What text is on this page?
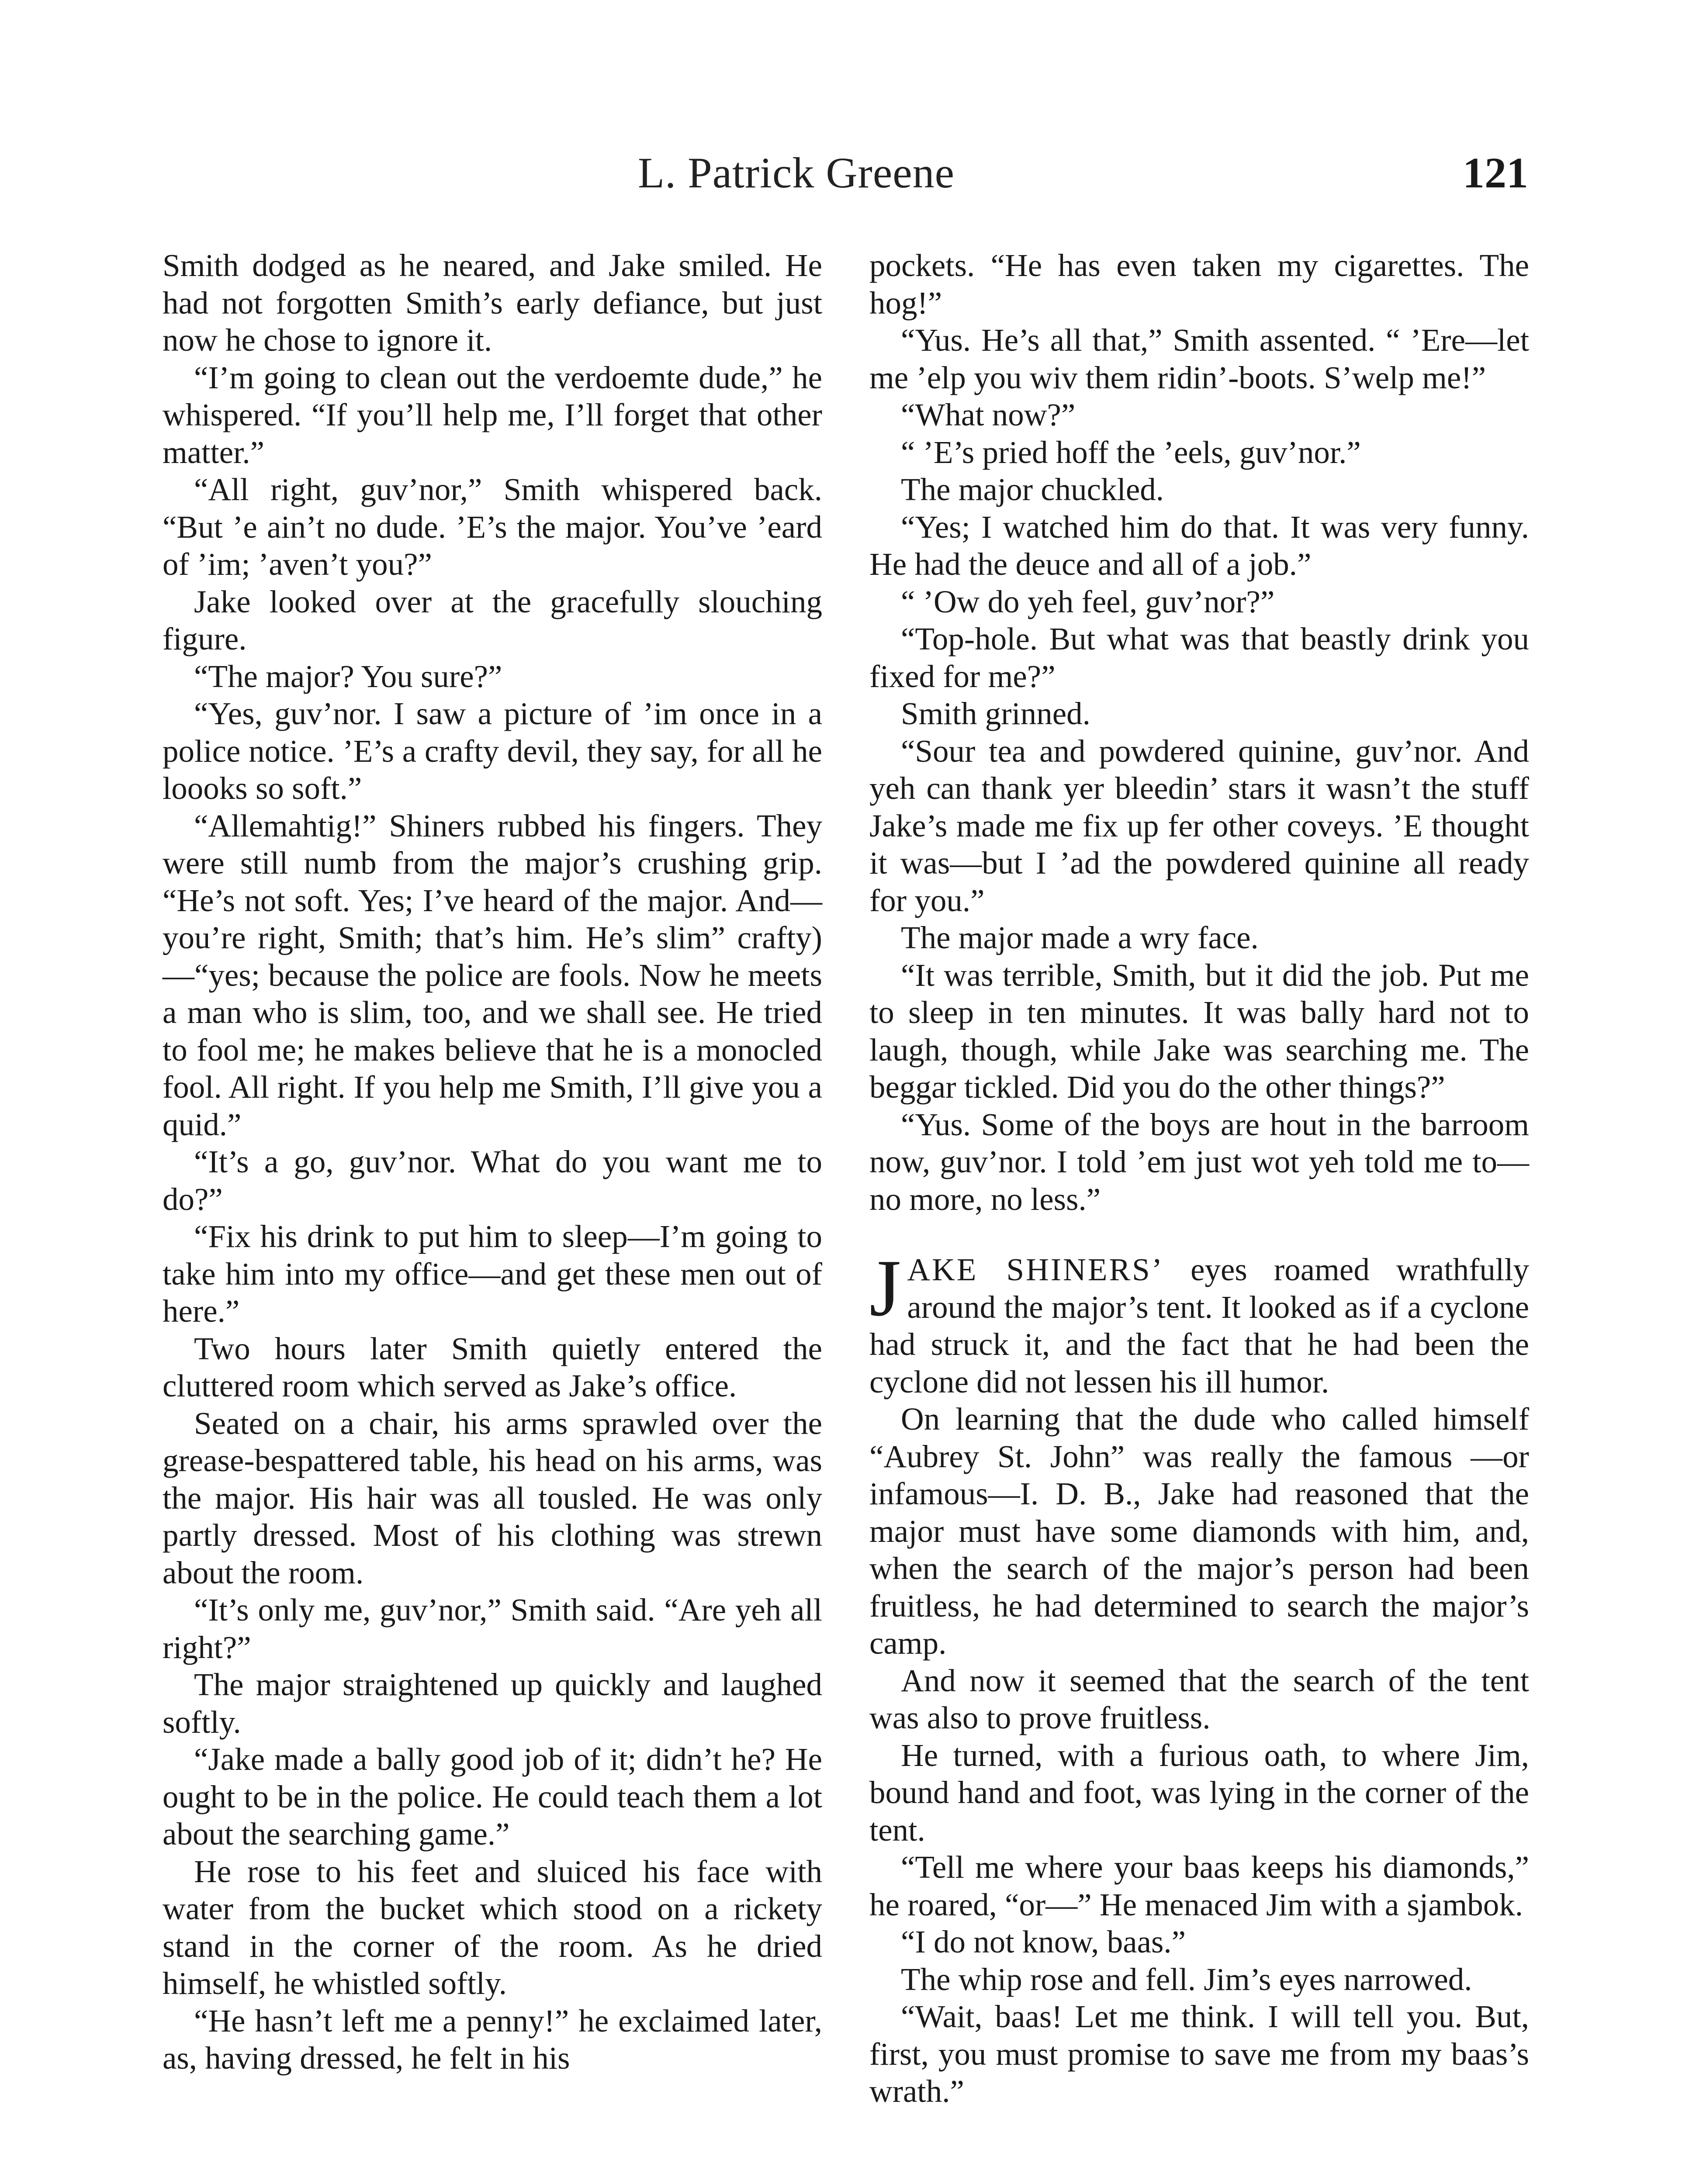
L. Patrick Greene	121

Smith dodged as he neared, and Jake smiled. He had not forgotten Smith’s early defiance, but just now he chose to ignore it.

“I’m going to clean out the verdoemte dude,” he whispered. “If you’ll help me, I’ll forget that other matter.”

“All right, guv’nor,” Smith whispered back. “But ’e ain’t no dude. ’E’s the major. You’ve ’eard of ’im; ’aven’t you?”

Jake looked over at the gracefully slouching figure.

“The major? You sure?”

“Yes, guv’nor. I saw a picture of ’im once in a police notice. ’E’s a crafty devil, they say, for all he loooks so soft.”

“Allemahtig!” Shiners rubbed his fingers. They were still numb from the major’s crushing grip. “He’s not soft. Yes; I’ve heard of the major. And—you’re right, Smith; that’s him. He’s slim” crafty)—“yes; because the police are fools. Now he meets a man who is slim, too, and we shall see. He tried to fool me; he makes believe that he is a monocled fool. All right. If you help me Smith, I’ll give you a quid.”

“It’s a go, guv’nor. What do you want me to do?”

“Fix his drink to put him to sleep—I’m going to take him into my office—and get these men out of here.”

Two hours later Smith quietly entered the cluttered room which served as Jake’s office.

Seated on a chair, his arms sprawled over the grease-bespattered table, his head on his arms, was the major. His hair was all tousled. He was only partly dressed. Most of his clothing was strewn about the room.

“It’s only me, guv’nor,” Smith said. “Are yeh all right?”

The major straightened up quickly and laughed softly.

“Jake made a bally good job of it; didn’t he? He ought to be in the police. He could teach them a lot about the searching game.”

He rose to his feet and sluiced his face with water from the bucket which stood on a rickety stand in the corner of the room. As he dried himself, he whistled softly.

“He hasn’t left me a penny!” he exclaimed later, as, having dressed, he felt in his

pockets. “He has even taken my cigarettes. The hog!”

“Yus. He’s all that,” Smith assented. “ ’Ere—let me ’elp you wiv them ridin’-boots. S’welp me!”

“What now?”

“ ’E’s pried hoff the ’eels, guv’nor.”

The major chuckled.

“Yes; I watched him do that. It was very funny. He had the deuce and all of a job.”

“ ’Ow do yeh feel, guv’nor?”

“Top-hole. But what was that beastly drink you fixed for me?”

Smith grinned.

“Sour tea and powdered quinine, guv’nor. And yeh can thank yer bleedin’ stars it wasn’t the stuff Jake’s made me fix up fer other coveys. ’E thought it was—but I ’ad the powdered quinine all ready for you.”

The major made a wry face.

“It was terrible, Smith, but it did the job. Put me to sleep in ten minutes. It was bally hard not to laugh, though, while Jake was searching me. The beggar tickled. Did you do the other things?”

“Yus. Some of the boys are hout in the barroom now, guv’nor. I told ’em just wot yeh told me to—no more, no less.”

JAKE SHINERS’ eyes roamed wrathfully around the major’s tent. It looked as if a cyclone had struck it, and the fact that he had been the cyclone did not lessen his ill humor.

On learning that the dude who called himself “Aubrey St. John” was really the famous —or infamous—I. D. B., Jake had reasoned that the major must have some diamonds with him, and, when the search of the major’s person had been fruitless, he had determined to search the major’s camp.

And now it seemed that the search of the tent was also to prove fruitless.

He turned, with a furious oath, to where Jim, bound hand and foot, was lying in the corner of the tent.

“Tell me where your baas keeps his diamonds,” he roared, “or—” He menaced Jim with a sjambok.

“I do not know, baas.”

The whip rose and fell. Jim’s eyes narrowed.

“Wait, baas! Let me think. I will tell you. But, first, you must promise to save me from my baas’s wrath.”
